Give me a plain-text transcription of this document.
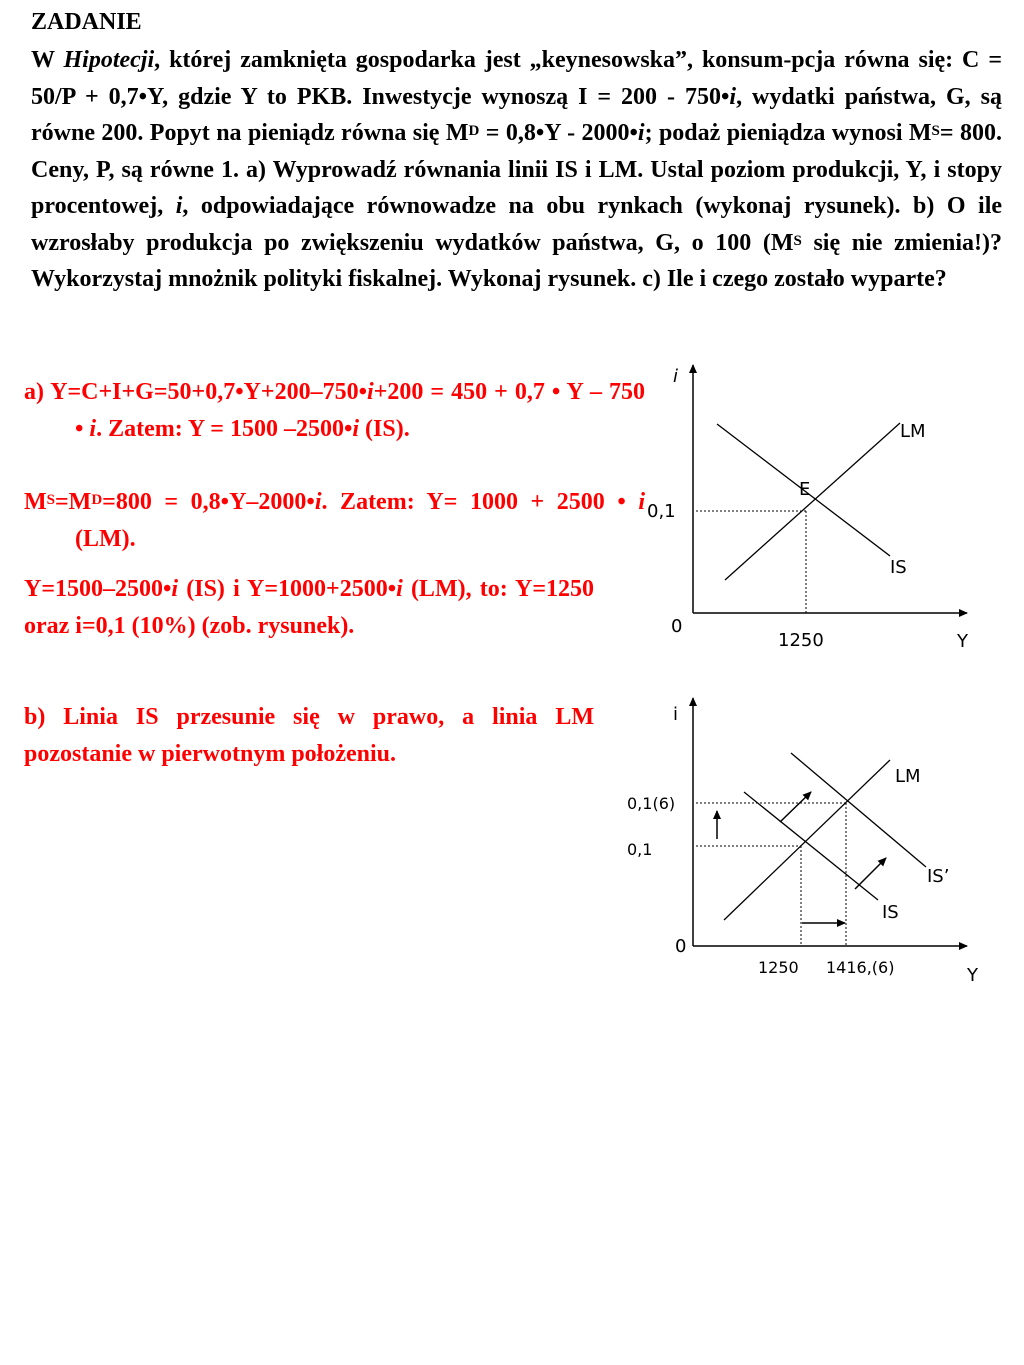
ZADANIE

W Hipotecji, której zamknięta gospodarka jest „keynesowska”, konsum-pcja równa się: C = 50/P + 0,7•Y, gdzie Y to PKB. Inwestycje wynoszą I = 200 - 750•i, wydatki państwa, G, są równe 200. Popyt na pieniądz równa się $M^D$ = 0,8•Y - 2000•i; podaż pieniądza wynosi $M^S= 800$. Ceny, P, są równe 1. a) Wyprowadź równania linii IS i LM. Ustal poziom produkcji, Y, i stopy procentowej, i, odpowiadające równowadze na obu rynkach (wykonaj rysunek). b) O ile wzrosłaby produkcja po zwiększeniu wydatków państwa, G, o 100 ($M^S$ się nie zmienia!)? Wykorzystaj mnożnik polityki fiskalnej. Wykonaj rysunek. c) Ile i czego zostało wyparte?

a) Y=C+I+G=50+0,7•Y+200–750•i+200 = 450 + 0,7 • Y – 750 • i. Zatem: Y = 1500 –2500•i (IS).

$M^S=M^D=800$ = 0,8•Y–2000•i. Zatem: Y= 1000 + 2500 • i (LM).

Y=1500–2500•i (IS) i Y=1000+2500•i (LM), to: Y=1250 oraz i=0,1 (10%) (zob. rysunek).

b) Linia IS przesunie się w prawo, a linia LM pozostanie w pierwotnym położeniu.

i
LM
E
0,1
IS
0
1250	Y
i
LM
0,1(6)
0,1
IS’
IS
0
1250 1416,(6)	Y
